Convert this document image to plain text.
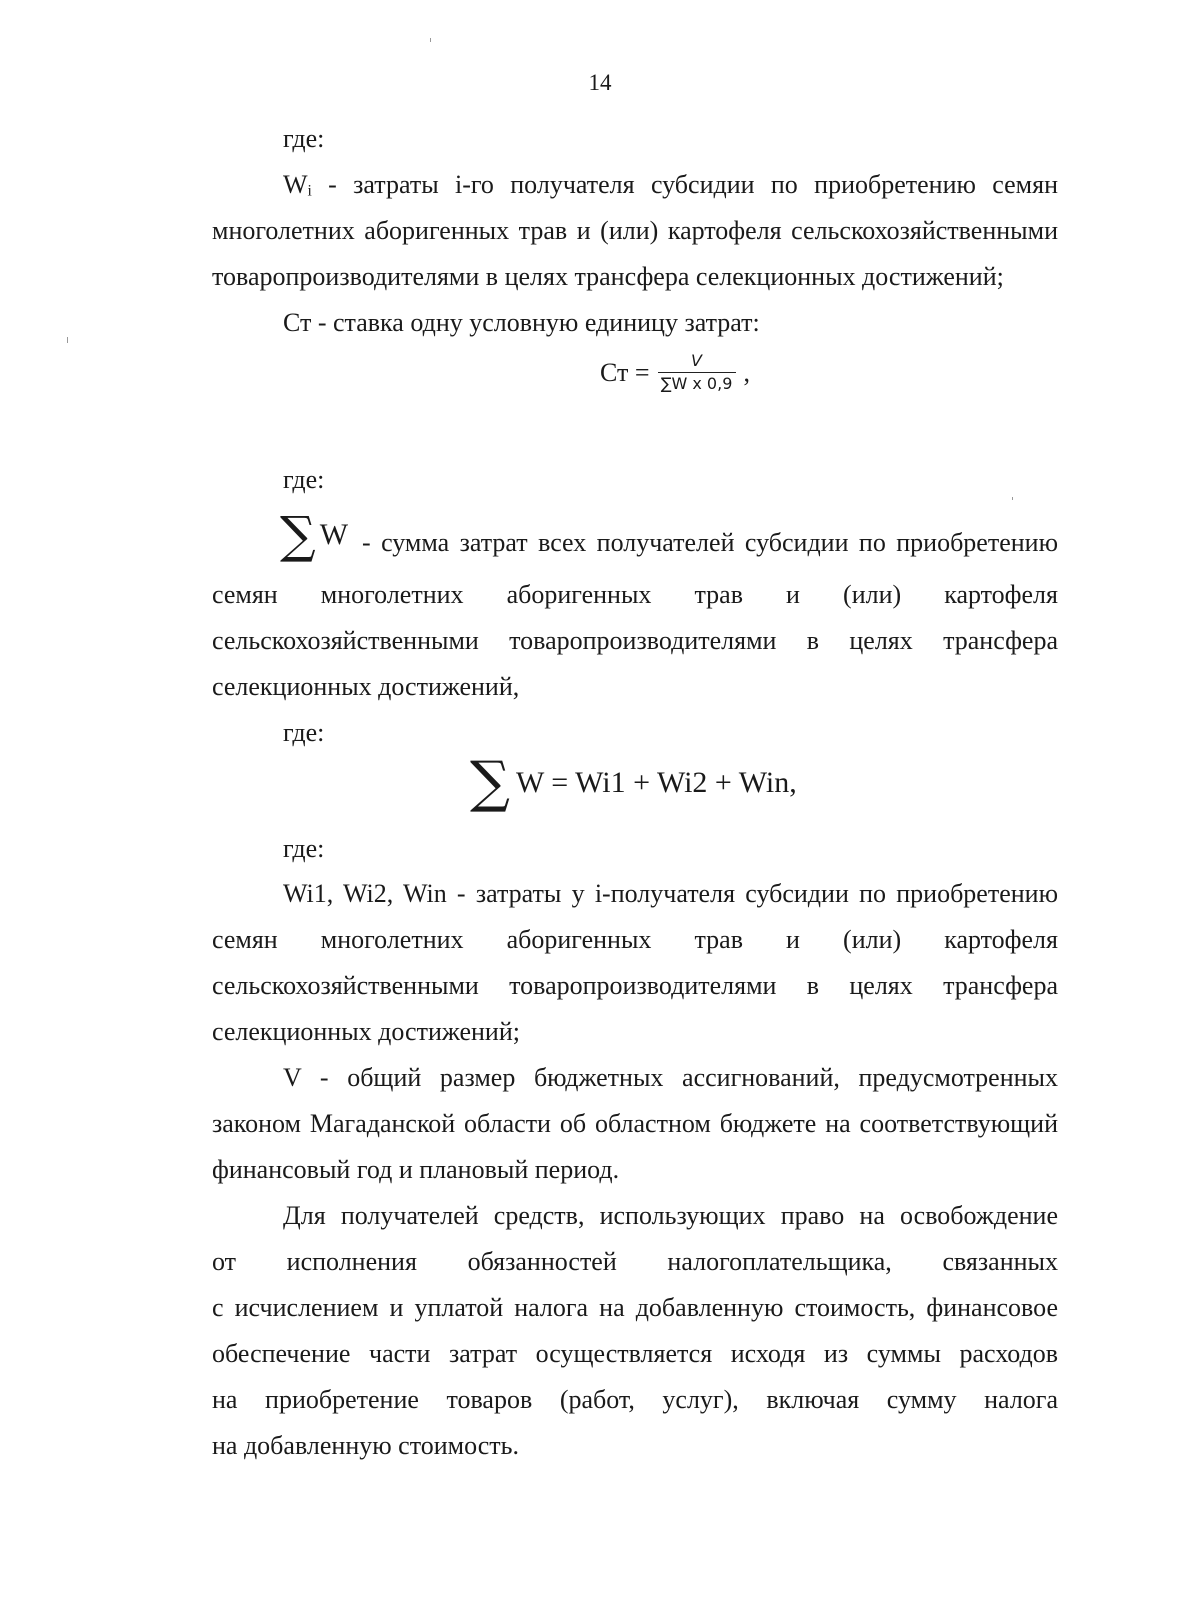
14
где:
Wᵢ - затраты i-го получателя субсидии по приобретению семян
многолетних аборигенных трав и (или) картофеля сельскохозяйственными
товаропроизводителями в целях трансфера селекционных достижений;
Ст - ставка одну условную единицу затрат:
Ст = $\frac{V}{\text{∑W x 0,9}}$ ,
где:
∑ W - сумма затрат всех получателей субсидии по приобретению
семян многолетних аборигенных трав и (или) картофеля
сельскохозяйственными товаропроизводителями в целях трансфера
селекционных достижений,
где:
∑ W = Wi1 + Wi2 + Win,
где:
Wi1, Wi2, Win - затраты у i-получателя субсидии по приобретению
семян многолетних аборигенных трав и (или) картофеля
сельскохозяйственными товаропроизводителями в целях трансфера
селекционных достижений;
V - общий размер бюджетных ассигнований, предусмотренных
законом Магаданской области об областном бюджете на соответствующий
финансовый год и плановый период.
Для получателей средств, использующих право на освобождение
от исполнения обязанностей налогоплательщика, связанных
с исчислением и уплатой налога на добавленную стоимость, финансовое
обеспечение части затрат осуществляется исходя из суммы расходов
на приобретение товаров (работ, услуг), включая сумму налога
на добавленную стоимость.
